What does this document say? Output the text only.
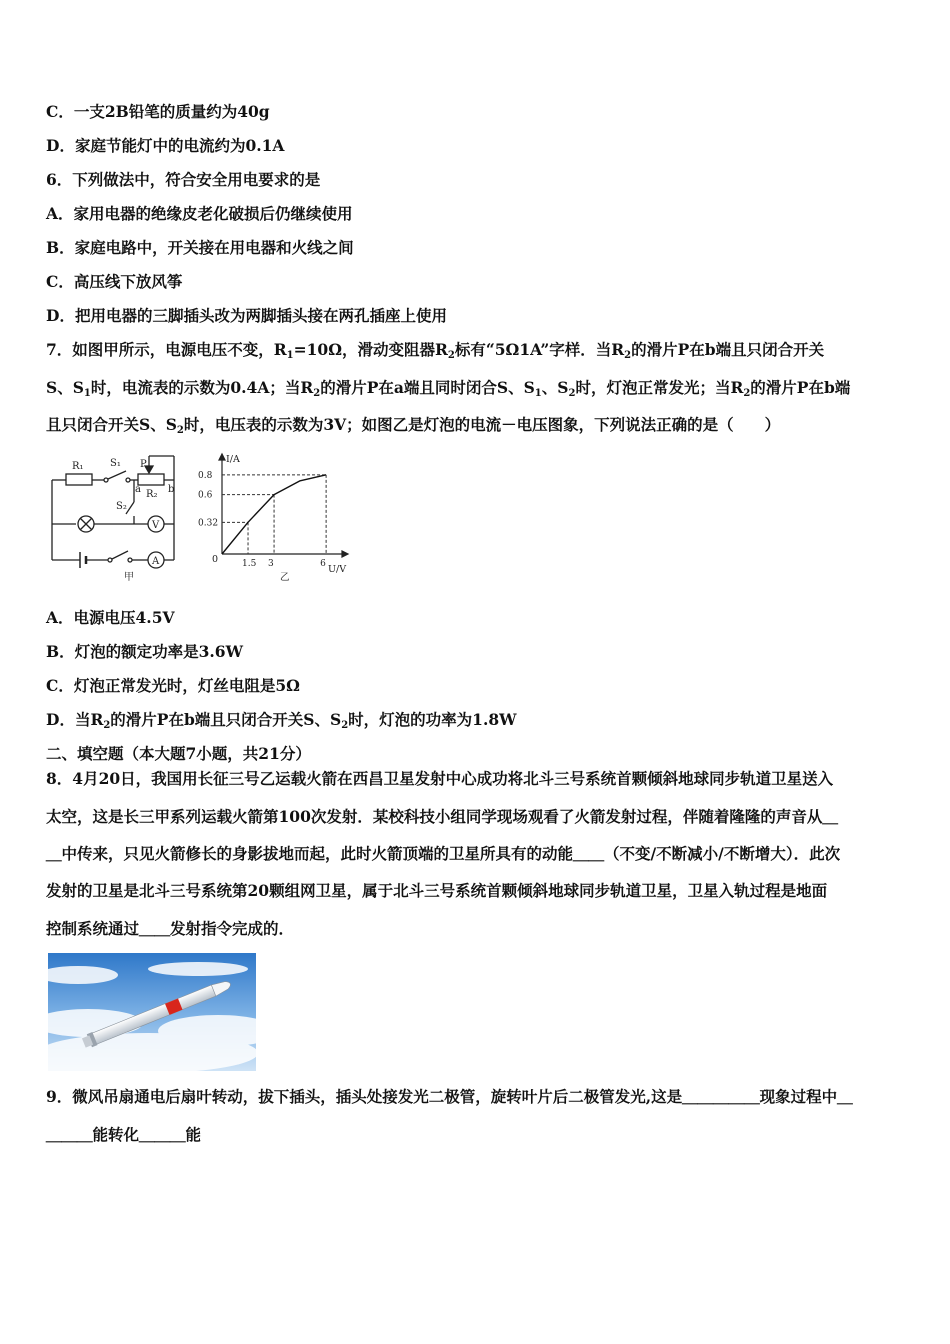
C．一支2B铅笔的质量约为40g
D．家庭节能灯中的电流约为0.1A
6．下列做法中，符合安全用电要求的是
A．家用电器的绝缘皮老化破损后仍继续使用
B．家庭电路中，开关接在用电器和火线之间
C．高压线下放风筝
D．把用电器的三脚插头改为两脚插头接在两孔插座上使用
7．如图甲所示，电源电压不变，$R_1=10\Omega$，滑动变阻器$R_2$标有“5Ω1A”字样．当$R_2$的滑片P在b端且只闭合开关
S、$S_1$时，电流表的示数为0.4A；当$R_2$的滑片P在a端且同时闭合S、$S_1$、$S_2$时，灯泡正常发光；当$R_2$的滑片P在b端
且只闭合开关S、$S_2$时，电压表的示数为3V；如图乙是灯泡的电流－电压图象，下列说法正确的是（　　）
R₁	S₁ P
R₂
a	b
S₂
V
A
甲
1.5 3	6
0.32
0.6
0.8
I/A
U/V
0
乙
A．电源电压4.5V
B．灯泡的额定功率是3.6W
C．灯泡正常发光时，灯丝电阻是5Ω
D．当$R_2$的滑片P在b端且只闭合开关S、$S_2$时，灯泡的功率为1.8W
二、填空题（本大题7小题，共21分）
8．4月20日，我国用长征三号乙运载火箭在西昌卫星发射中心成功将北斗三号系统首颗倾斜地球同步轨道卫星送入
太空，这是长三甲系列运载火箭第100次发射．某校科技小组同学现场观看了火箭发射过程，伴随着隆隆的声音从＿
＿中传来，只见火箭修长的身影拔地而起，此时火箭顶端的卫星所具有的动能＿＿（不变/不断减小/不断增大）．此次
发射的卫星是北斗三号系统第20颗组网卫星，属于北斗三号系统首颗倾斜地球同步轨道卫星，卫星入轨过程是地面
控制系统通过＿＿发射指令完成的．
9．微风吊扇通电后扇叶转动，拔下插头，插头处接发光二极管，旋转叶片后二极管发光,这是＿＿＿＿＿现象过程中＿
＿＿＿能转化＿＿＿能
